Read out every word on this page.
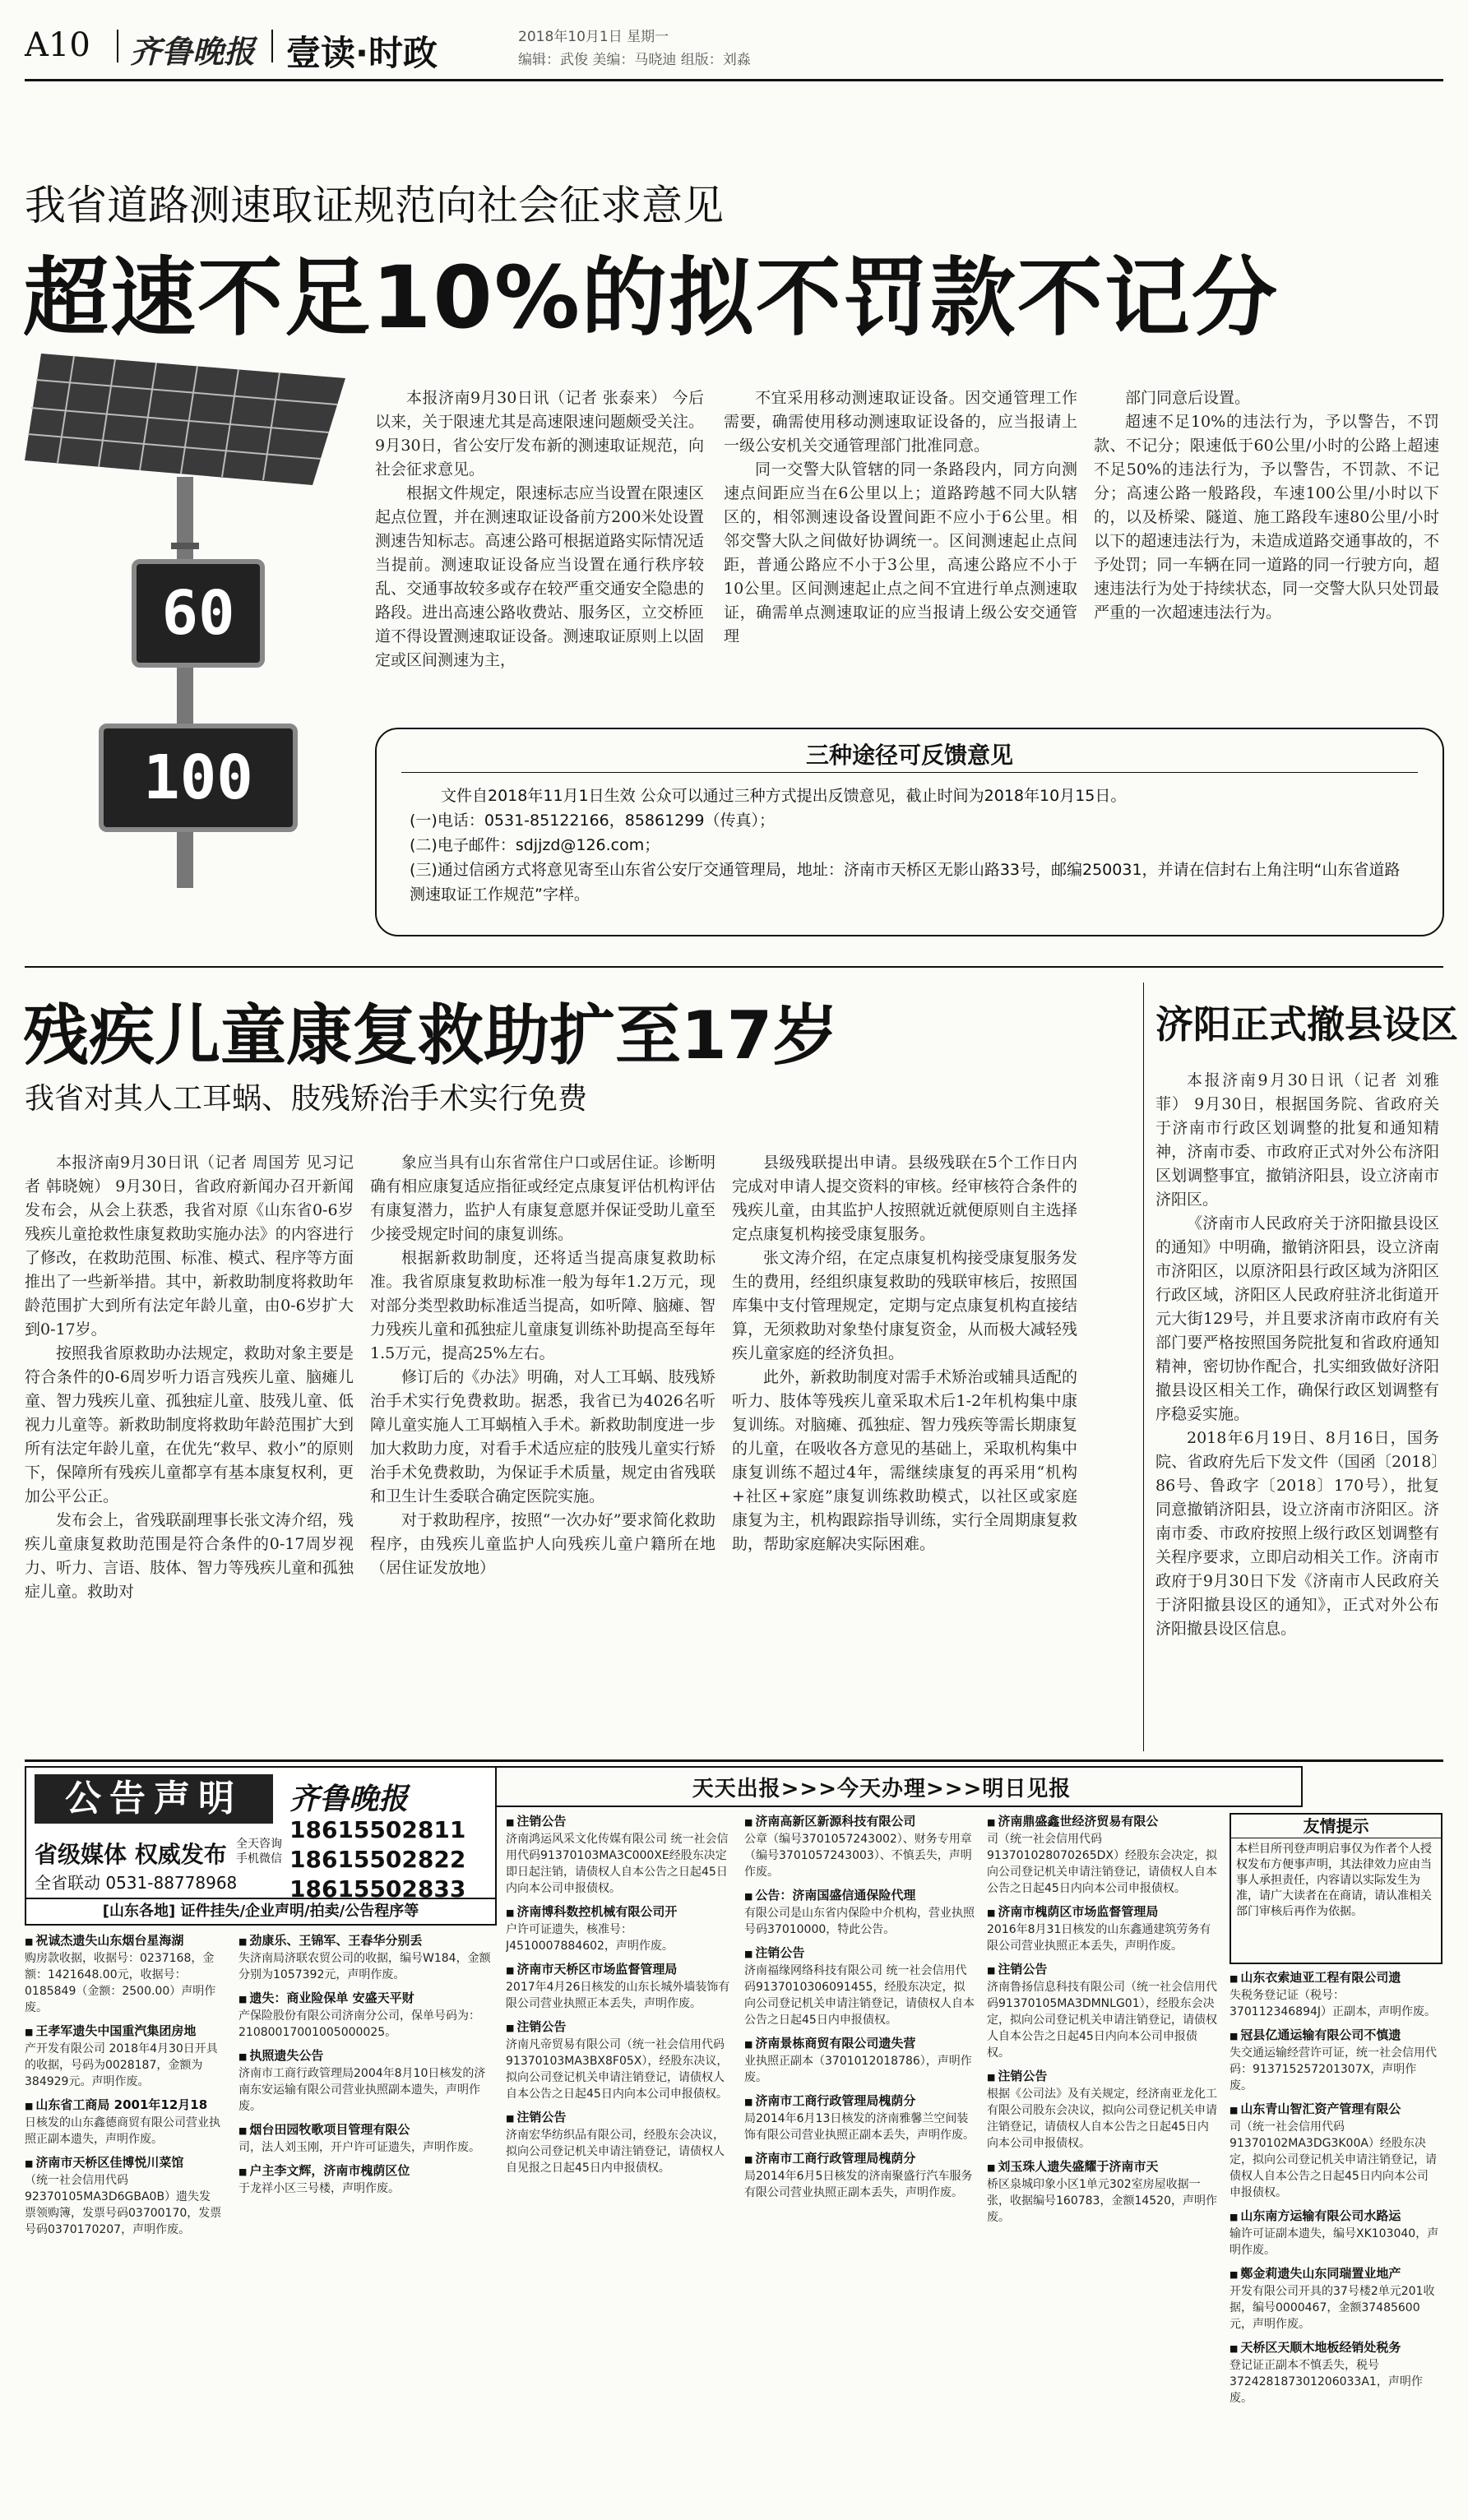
A10 齐鲁晚报 壹读·时政	2018年10月1日 星期一
编辑：武俊 美编：马晓迪 组版：刘淼
我省道路测速取证规范向社会征求意见
超速不足10%的拟不罚款不记分
60
100

本报济南9月30日讯（记者 张泰来） 今后以来，关于限速尤其是高速限速问题颇受关注。9月30日，省公安厅发布新的测速取证规范，向社会征求意见。

根据文件规定，限速标志应当设置在限速区起点位置，并在测速取证设备前方200米处设置测速告知标志。高速公路可根据道路实际情况适当提前。测速取证设备应当设置在通行秩序较乱、交通事故较多或存在较严重交通安全隐患的路段。进出高速公路收费站、服务区，立交桥匝道不得设置测速取证设备。测速取证原则上以固定或区间测速为主，

不宜采用移动测速取证设备。因交通管理工作需要，确需使用移动测速取证设备的，应当报请上一级公安机关交通管理部门批准同意。

同一交警大队管辖的同一条路段内，同方向测速点间距应当在6公里以上；道路跨越不同大队辖区的，相邻测速设备设置间距不应小于6公里。相邻交警大队之间做好协调统一。区间测速起止点间距，普通公路应不小于3公里，高速公路应不小于10公里。区间测速起止点之间不宜进行单点测速取证，确需单点测速取证的应当报请上级公安交通管理

部门同意后设置。

超速不足10%的违法行为，予以警告，不罚款、不记分；限速低于60公里/小时的公路上超速不足50%的违法行为，予以警告，不罚款、不记分；高速公路一般路段，车速100公里/小时以下的，以及桥梁、隧道、施工路段车速80公里/小时以下的超速违法行为，未造成道路交通事故的，不予处罚；同一车辆在同一道路的同一行驶方向，超速违法行为处于持续状态，同一交警大队只处罚最严重的一次超速违法行为。

三种途径可反馈意见
文件自2018年11月1日生效 公众可以通过三种方式提出反馈意见，截止时间为2018年10月15日。
(一)电话：0531-85122166，85861299（传真）；
(二)电子邮件：sdjjzd@126.com；
(三)通过信函方式将意见寄至山东省公安厅交通管理局，地址：济南市天桥区无影山路33号，邮编250031，并请在信封右上角注明“山东省道路测速取证工作规范”字样。
残疾儿童康复救助扩至17岁
我省对其人工耳蜗、肢残矫治手术实行免费

本报济南9月30日讯（记者 周国芳 见习记者 韩晓婉） 9月30日，省政府新闻办召开新闻发布会，从会上获悉，我省对原《山东省0-6岁残疾儿童抢救性康复救助实施办法》的内容进行了修改，在救助范围、标准、模式、程序等方面推出了一些新举措。其中，新救助制度将救助年龄范围扩大到所有法定年龄儿童，由0-6岁扩大到0-17岁。

按照我省原救助办法规定，救助对象主要是符合条件的0-6周岁听力语言残疾儿童、脑瘫儿童、智力残疾儿童、孤独症儿童、肢残儿童、低视力儿童等。新救助制度将救助年龄范围扩大到所有法定年龄儿童，在优先“救早、救小”的原则下，保障所有残疾儿童都享有基本康复权利，更加公平公正。

发布会上，省残联副理事长张文涛介绍，残疾儿童康复救助范围是符合条件的0-17周岁视力、听力、言语、肢体、智力等残疾儿童和孤独症儿童。救助对

象应当具有山东省常住户口或居住证。诊断明确有相应康复适应指征或经定点康复评估机构评估有康复潜力，监护人有康复意愿并保证受助儿童至少接受规定时间的康复训练。

根据新救助制度，还将适当提高康复救助标准。我省原康复救助标准一般为每年1.2万元，现对部分类型救助标准适当提高，如听障、脑瘫、智力残疾儿童和孤独症儿童康复训练补助提高至每年1.5万元，提高25%左右。

修订后的《办法》明确，对人工耳蜗、肢残矫治手术实行免费救助。据悉，我省已为4026名听障儿童实施人工耳蜗植入手术。新救助制度进一步加大救助力度，对看手术适应症的肢残儿童实行矫治手术免费救助，为保证手术质量，规定由省残联和卫生计生委联合确定医院实施。

对于救助程序，按照“一次办好”要求简化救助程序，由残疾儿童监护人向残疾儿童户籍所在地（居住证发放地）

县级残联提出申请。县级残联在5个工作日内完成对申请人提交资料的审核。经审核符合条件的残疾儿童，由其监护人按照就近就便原则自主选择定点康复机构接受康复服务。

张文涛介绍，在定点康复机构接受康复服务发生的费用，经组织康复救助的残联审核后，按照国库集中支付管理规定，定期与定点康复机构直接结算，无须救助对象垫付康复资金，从而极大减轻残疾儿童家庭的经济负担。

此外，新救助制度对需手术矫治或辅具适配的听力、肢体等残疾儿童采取术后1-2年机构集中康复训练。对脑瘫、孤独症、智力残疾等需长期康复的儿童，在吸收各方意见的基础上，采取机构集中康复训练不超过4年，需继续康复的再采用“机构+社区+家庭”康复训练救助模式，以社区或家庭康复为主，机构跟踪指导训练，实行全周期康复救助，帮助家庭解决实际困难。

济阳正式撤县设区

本报济南9月30日讯（记者 刘雅菲） 9月30日，根据国务院、省政府关于济南市行政区划调整的批复和通知精神，济南市委、市政府正式对外公布济阳区划调整事宜，撤销济阳县，设立济南市济阳区。

《济南市人民政府关于济阳撤县设区的通知》中明确，撤销济阳县，设立济南市济阳区，以原济阳县行政区域为济阳区行政区域，济阳区人民政府驻济北街道开元大街129号，并且要求济南市政府有关部门要严格按照国务院批复和省政府通知精神，密切协作配合，扎实细致做好济阳撤县设区相关工作，确保行政区划调整有序稳妥实施。

2018年6月19日、8月16日，国务院、省政府先后下发文件（国函〔2018〕86号、鲁政字〔2018〕170号），批复同意撤销济阳县，设立济南市济阳区。济南市委、市政府按照上级行政区划调整有关程序要求，立即启动相关工作。济南市政府于9月30日下发《济南市人民政府关于济阳撤县设区的通知》，正式对外公布济阳撤县设区信息。

天天出报>>>今天办理>>>明日见报
公告声明	齐鲁晚报
省级媒体 权威发布
全省联动 0531-88778968
全天咨询 手机微信
18615502811
18615502822
18615502833
[山东各地] 证件挂失/企业声明/拍卖/公告程序等
友情提示
本栏目所刊登声明启事仅为作者个人授权发布方便事声明，其法律效力应由当事人承担责任，内容请以实际发生为准，请广大读者在在商请，请认准相关部门审核后再作为依据。
■ 祝诚杰遗失山东烟台星海湖
购房款收据，收据号：0237168，金额：1421648.00元，收据号：0185849（金额：2500.00）声明作废。
■ 王孝军遗失中国重汽集团房地
产开发有限公司 2018年4月30日开具的收据，号码为0028187，金额为384929元。声明作废。
■ 山东省工商局 2001年12月18
日核发的山东鑫德商贸有限公司营业执照正副本遗失，声明作废。
■ 济南市天桥区佳博悦川菜馆
（统一社会信用代码92370105MA3D6GBA0B）遗失发票领购簿，发票号码03700170，发票号码0370170207，声明作废。
■ 劲康乐、王锦军、王春华分别丢
失济南局济联农贸公司的收据，编号W184，金额分别为1057392元，声明作废。
■ 遗失：商业险保单 安盛天平财
产保险股份有限公司济南分公司，保单号码为：21080017001005000025。
■ 执照遗失公告
济南市工商行政管理局2004年8月10日核发的济南东安运输有限公司营业执照副本遗失，声明作废。
■ 烟台田园牧歌项目管理有限公
司，法人刘玉刚，开户许可证遗失，声明作废。
■ 户主李文辉，济南市槐荫区位
于龙祥小区三号楼，声明作废。
■ 注销公告
济南鸿运风采文化传媒有限公司 统一社会信用代码91370103MA3C000XE经股东决定即日起注销，请债权人自本公告之日起45日内向本公司申报债权。
■ 济南博科数控机械有限公司开
户许可证遗失，核准号：J4510007884602，声明作废。
■ 济南市天桥区市场监督管理局
2017年4月26日核发的山东长城外墙装饰有限公司营业执照正本丢失，声明作废。
■ 注销公告
济南凡帝贸易有限公司（统一社会信用代码91370103MA3BX8F05X），经股东决议，拟向公司登记机关申请注销登记，请债权人自本公告之日起45日内向本公司申报债权。
■ 注销公告
济南宏华纺织品有限公司，经股东会决议，拟向公司登记机关申请注销登记，请债权人自见报之日起45日内申报债权。
■ 济南高新区新源科技有限公司
公章（编号3701057243002）、财务专用章（编号3701057243003）、不慎丢失，声明作废。
■ 公告：济南国盛信通保险代理
有限公司是山东省内保险中介机构，营业执照号码37010000，特此公告。
■ 注销公告
济南福缘网络科技有限公司 统一社会信用代码9137010306091455，经股东决定，拟向公司登记机关申请注销登记，请债权人自本公告之日起45日内申报债权。
■ 济南景栋商贸有限公司遗失营
业执照正副本（3701012018786），声明作废。
■ 济南市工商行政管理局槐荫分
局2014年6月13日核发的济南雅馨兰空间装饰有限公司营业执照正副本丢失，声明作废。
■ 济南市工商行政管理局槐荫分
局2014年6月5日核发的济南聚盛行汽车服务有限公司营业执照正副本丢失，声明作废。
■ 济南鼎盛鑫世经济贸易有限公
司（统一社会信用代码913701028070265DX）经股东会决定，拟向公司登记机关申请注销登记，请债权人自本公告之日起45日内向本公司申报债权。
■ 济南市槐荫区市场监督管理局
2016年8月31日核发的山东鑫通建筑劳务有限公司营业执照正本丢失，声明作废。
■ 注销公告
济南鲁扬信息科技有限公司（统一社会信用代码91370105MA3DMNLG01），经股东会决定，拟向公司登记机关申请注销登记，请债权人自本公告之日起45日内向本公司申报债权。
■ 注销公告
根据《公司法》及有关规定，经济南亚龙化工有限公司股东会决议，拟向公司登记机关申请注销登记，请债权人自本公告之日起45日内向本公司申报债权。
■ 刘玉珠人遗失盛耀于济南市天
桥区泉城印象小区1单元302室房屋收据一张，收据编号160783，金额14520，声明作废。
■ 山东衣索迪亚工程有限公司遗
失税务登记证（税号：370112346894J）正副本，声明作废。
■ 冠县亿通运输有限公司不慎遗
失交通运输经营许可证，统一社会信用代码：913715257201307X，声明作废。
■ 山东青山智汇资产管理有限公
司（统一社会信用代码91370102MA3DG3K00A）经股东决定，拟向公司登记机关申请注销登记，请债权人自本公告之日起45日内向本公司申报债权。
■ 山东南方运输有限公司水路运
输许可证副本遗失，编号XK103040，声明作废。
■ 鄭金莉遗失山东同瑞置业地产
开发有限公司开具的37号楼2单元201收据，编号0000467，金额37485600元，声明作废。
■ 天桥区天顺木地板经销处税务
登记证正副本不慎丢失，税号372428187301206033A1，声明作废。
